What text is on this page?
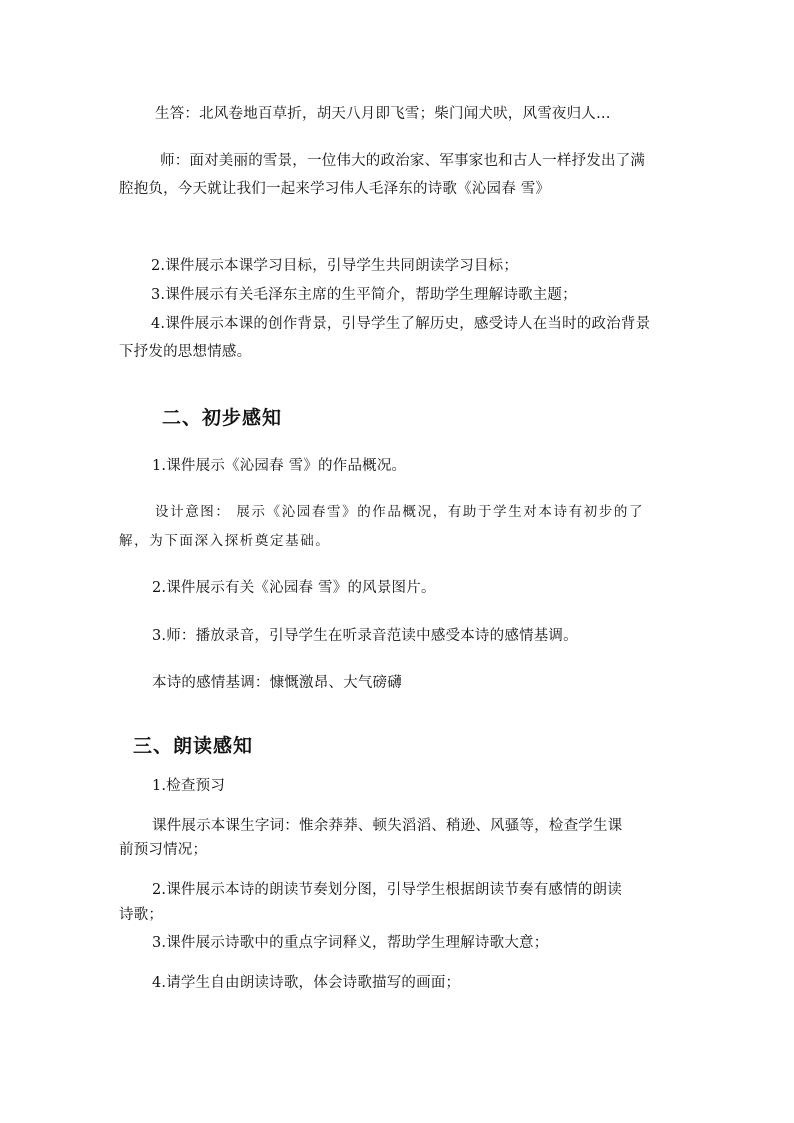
生答：北风卷地百草折，胡天八月即飞雪；柴门闻犬吠，风雪夜归人…
师：面对美丽的雪景，一位伟大的政治家、军事家也和古人一样抒发出了满
腔抱负，今天就让我们一起来学习伟人毛泽东的诗歌《沁园春 雪》
2.课件展示本课学习目标，引导学生共同朗读学习目标；
3.课件展示有关毛泽东主席的生平简介，帮助学生理解诗歌主题；
4.课件展示本课的创作背景，引导学生了解历史，感受诗人在当时的政治背景
下抒发的思想情感。
二、初步感知
1.课件展示《沁园春 雪》的作品概况。
设计意图： 展示《沁园春雪》的作品概况，有助于学生对本诗有初步的了
解，为下面深入探析奠定基础。
2.课件展示有关《沁园春 雪》的风景图片。
3.师：播放录音，引导学生在听录音范读中感受本诗的感情基调。
本诗的感情基调：慷慨激昂、大气磅礴
三、朗读感知
1.检查预习
课件展示本课生字词：惟余莽莽、顿失滔滔、稍逊、风骚等，检查学生课
前预习情况；
2.课件展示本诗的朗读节奏划分图，引导学生根据朗读节奏有感情的朗读
诗歌；
3.课件展示诗歌中的重点字词释义，帮助学生理解诗歌大意；
4.请学生自由朗读诗歌，体会诗歌描写的画面；
